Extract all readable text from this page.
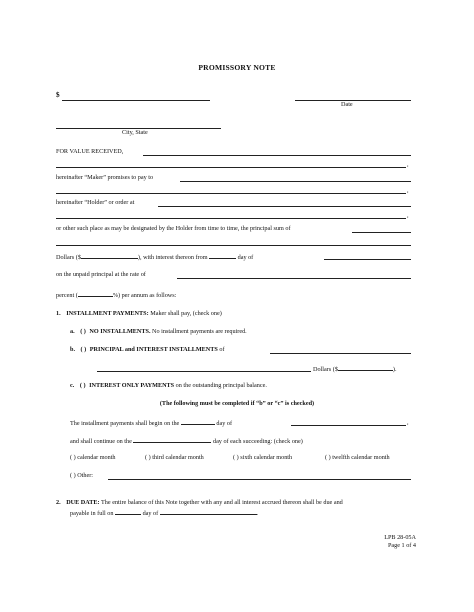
PROMISSORY NOTE
$
Date
City, State
FOR VALUE RECEIVED,
,
hereinafter “Maker” promises to pay to
,
hereinafter “Holder” or order at
,
or other such place as may be designated by the Holder from time to time, the principal sum of
Dollars ($	), with interest thereon from	day of
on the unpaid principal at the rate of
percent (	%) per annum as follows:
1. INSTALLMENT PAYMENTS: Maker shall pay, (check one)
a. ( ) NO INSTALLMENTS. No installment payments are required.
b. ( ) PRINCIPAL and INTEREST INSTALLMENTS of
Dollars ($	).
c. ( ) INTEREST ONLY PAYMENTS on the outstanding principal balance.
(The following must be completed if “b” or “c” is checked)
The installment payments shall begin on the	day of	,
and shall continue on the	day of each succeeding: (check one)
( ) calendar month	( ) third calendar month	( ) sixth calendar month	( ) twelfth calendar month
( ) Other:
2. DUE DATE: The entire balance of this Note together with any and all interest accrued thereon shall be due and
payable in full on	day of	.
LPB 28-05A
Page 1 of 4
